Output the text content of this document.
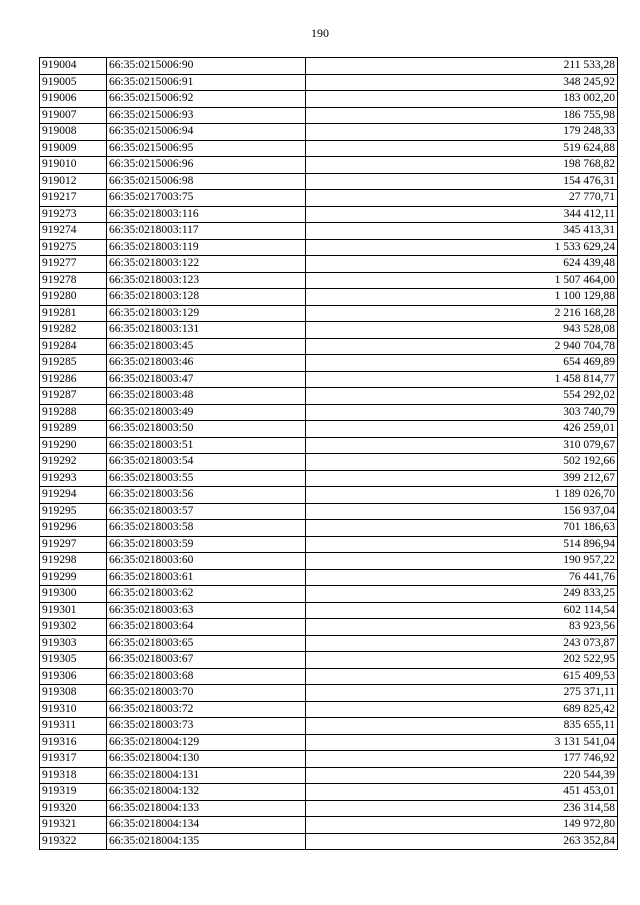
190
919004	66:35:0215006:90	211 533,28
919005	66:35:0215006:91	348 245,92
919006	66:35:0215006:92	183 002,20
919007	66:35:0215006:93	186 755,98
919008	66:35:0215006:94	179 248,33
919009	66:35:0215006:95	519 624,88
919010	66:35:0215006:96	198 768,82
919012	66:35:0215006:98	154 476,31
919217	66:35:0217003:75	27 770,71
919273	66:35:0218003:116	344 412,11
919274	66:35:0218003:117	345 413,31
919275	66:35:0218003:119	1 533 629,24
919277	66:35:0218003:122	624 439,48
919278	66:35:0218003:123	1 507 464,00
919280	66:35:0218003:128	1 100 129,88
919281	66:35:0218003:129	2 216 168,28
919282	66:35:0218003:131	943 528,08
919284	66:35:0218003:45	2 940 704,78
919285	66:35:0218003:46	654 469,89
919286	66:35:0218003:47	1 458 814,77
919287	66:35:0218003:48	554 292,02
919288	66:35:0218003:49	303 740,79
919289	66:35:0218003:50	426 259,01
919290	66:35:0218003:51	310 079,67
919292	66:35:0218003:54	502 192,66
919293	66:35:0218003:55	399 212,67
919294	66:35:0218003:56	1 189 026,70
919295	66:35:0218003:57	156 937,04
919296	66:35:0218003:58	701 186,63
919297	66:35:0218003:59	514 896,94
919298	66:35:0218003:60	190 957,22
919299	66:35:0218003:61	76 441,76
919300	66:35:0218003:62	249 833,25
919301	66:35:0218003:63	602 114,54
919302	66:35:0218003:64	83 923,56
919303	66:35:0218003:65	243 073,87
919305	66:35:0218003:67	202 522,95
919306	66:35:0218003:68	615 409,53
919308	66:35:0218003:70	275 371,11
919310	66:35:0218003:72	689 825,42
919311	66:35:0218003:73	835 655,11
919316	66:35:0218004:129	3 131 541,04
919317	66:35:0218004:130	177 746,92
919318	66:35:0218004:131	220 544,39
919319	66:35:0218004:132	451 453,01
919320	66:35:0218004:133	236 314,58
919321	66:35:0218004:134	149 972,80
919322	66:35:0218004:135	263 352,84
